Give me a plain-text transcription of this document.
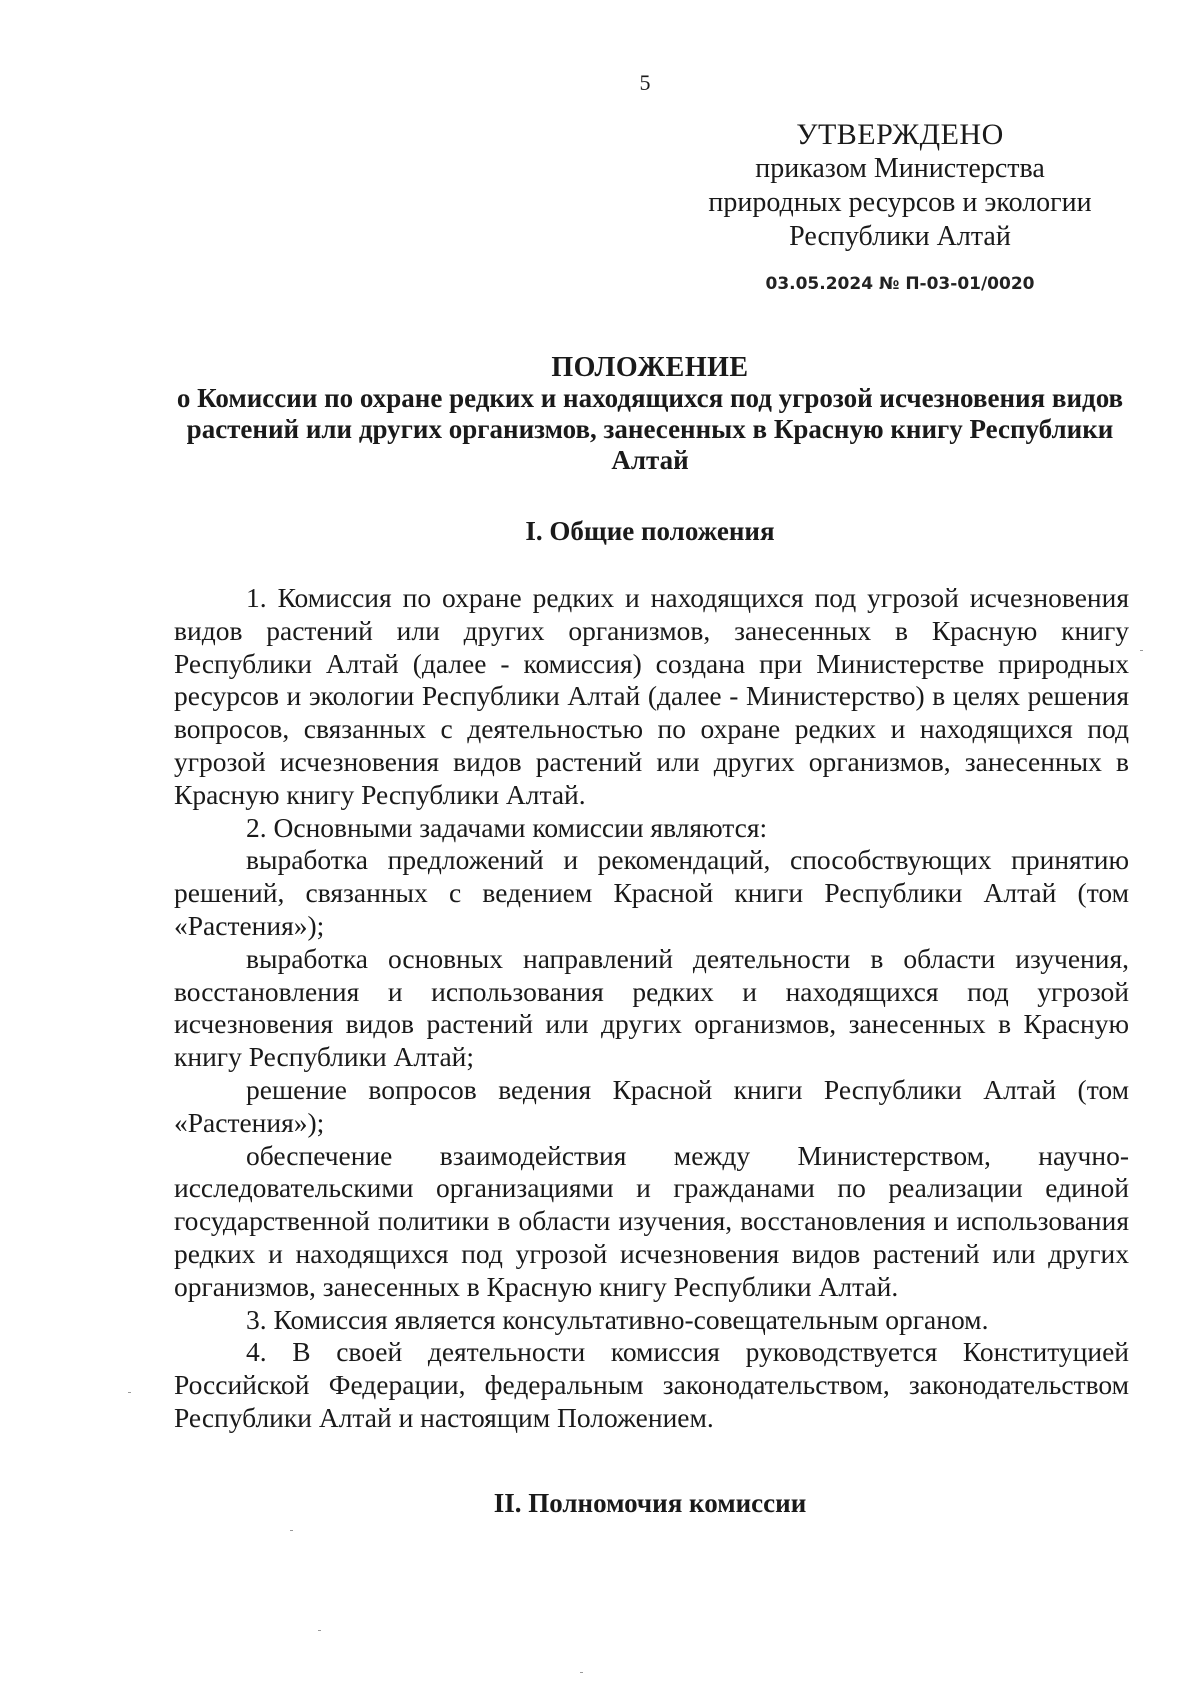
5
УТВЕРЖДЕНО
приказом Министерства
природных ресурсов и экологии
Республики Алтай
03.05.2024 № П-03-01/0020
ПОЛОЖЕНИЕ
о Комиссии по охране редких и находящихся под угрозой исчезновения видов растений или других организмов, занесенных в Красную книгу Республики Алтай
I. Общие положения

1. Комиссия по охране редких и находящихся под угрозой исчезновения видов растений или других организмов, занесенных в Красную книгу Республики Алтай (далее - комиссия) создана при Министерстве природных ресурсов и экологии Республики Алтай (далее - Министерство) в целях решения вопросов, связанных с деятельностью по охране редких и находящихся под угрозой исчезновения видов растений или других организмов, занесенных в Красную книгу Республики Алтай.

2. Основными задачами комиссии являются:

выработка предложений и рекомендаций, способствующих принятию решений, связанных с ведением Красной книги Республики Алтай (том «Растения»);

выработка основных направлений деятельности в области изучения, восстановления и использования редких и находящихся под угрозой исчезновения видов растений или других организмов, занесенных в Красную книгу Республики Алтай;

решение вопросов ведения Красной книги Республики Алтай (том «Растения»);

обеспечение взаимодействия между Министерством, научно-исследовательскими организациями и гражданами по реализации единой государственной политики в области изучения, восстановления и использования редких и находящихся под угрозой исчезновения видов растений или других организмов, занесенных в Красную книгу Республики Алтай.

3. Комиссия является консультативно-совещательным органом.

4. В своей деятельности комиссия руководствуется Конституцией Российской Федерации, федеральным законодательством, законодательством Республики Алтай и настоящим Положением.

II. Полномочия комиссии
